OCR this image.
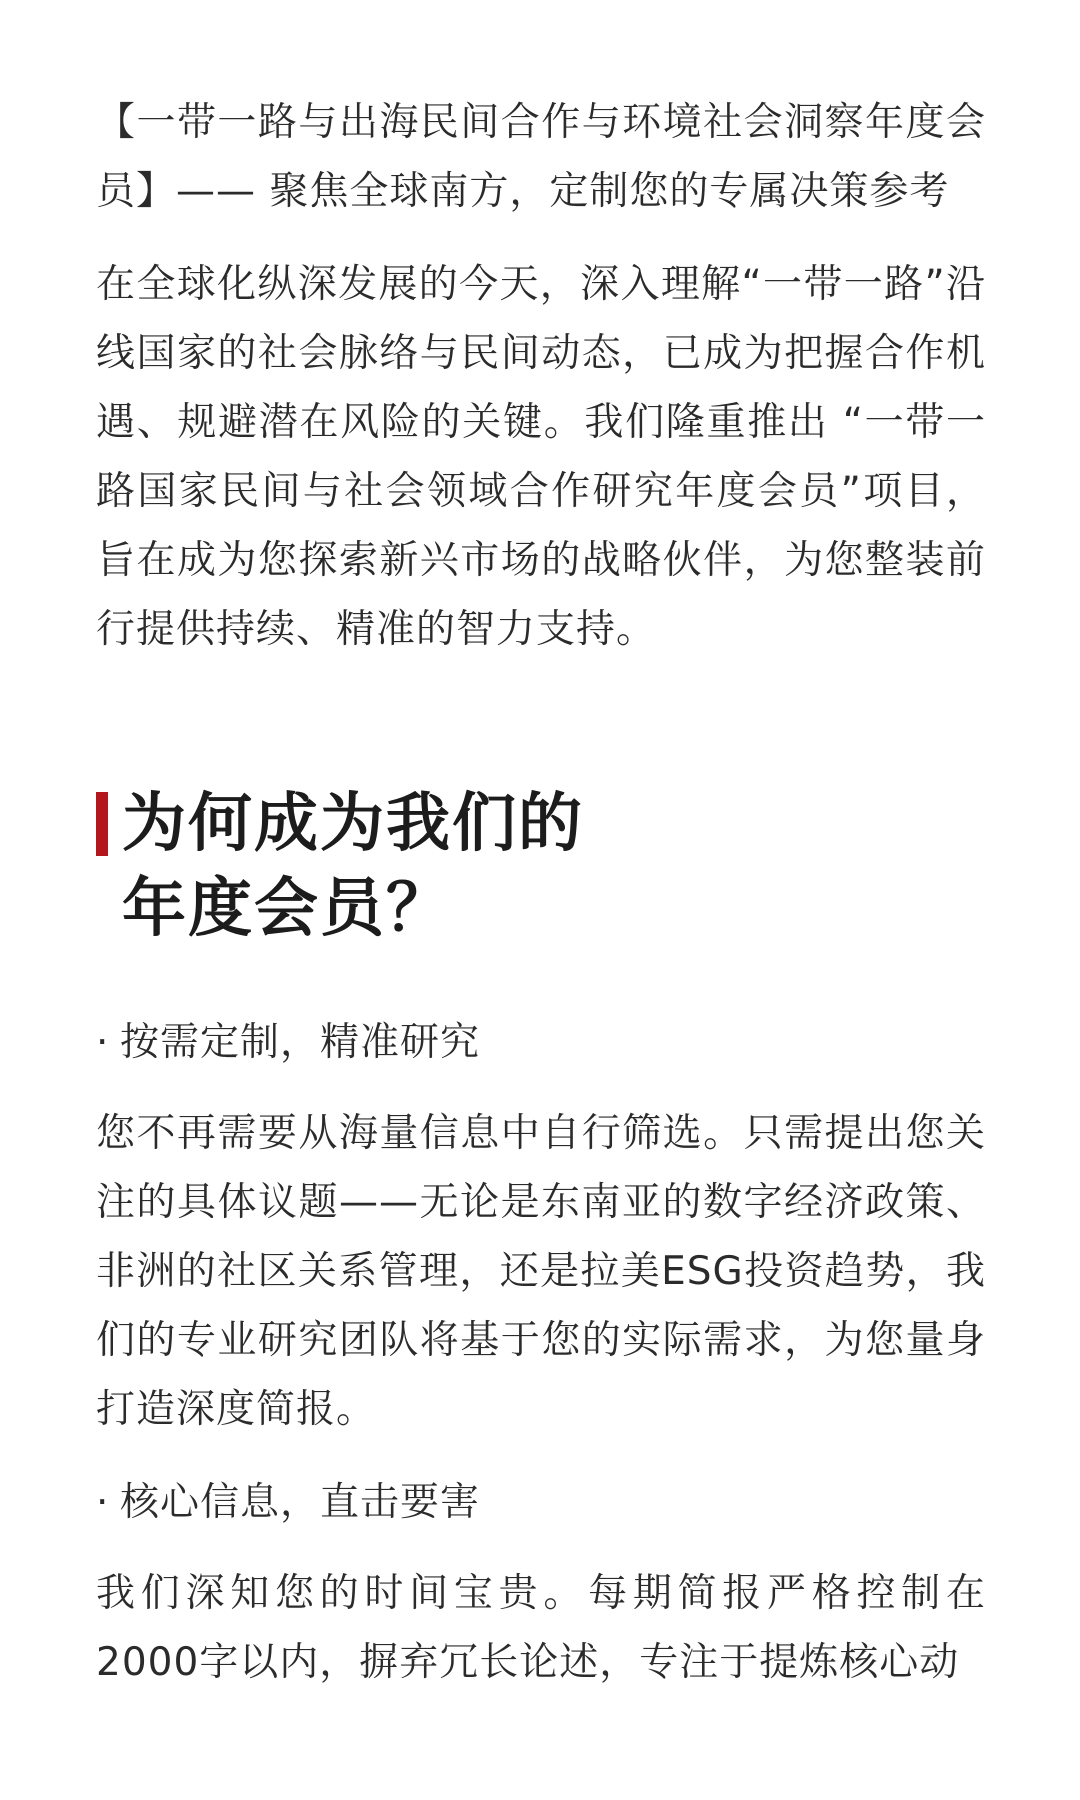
【一带一路与出海民间合作与环境社会洞察年度会员】—— 聚焦全球南方，定制您的专属决策参考

在全球化纵深发展的今天，深入理解“一带一路”沿线国家的社会脉络与民间动态，已成为把握合作机遇、规避潜在风险的关键。我们隆重推出 “一带一路国家民间与社会领域合作研究年度会员”项目，旨在成为您探索新兴市场的战略伙伴，为您整装前行提供持续、精准的智力支持。

为何成为我们的
年度会员？
· 按需定制，精准研究

您不再需要从海量信息中自行筛选。只需提出您关注的具体议题——无论是东南亚的数字经济政策、非洲的社区关系管理，还是拉美ESG投资趋势，我们的专业研究团队将基于您的实际需求，为您量身打造深度简报。

· 核心信息，直击要害

我们深知您的时间宝贵。每期简报严格控制在2000字以内，摒弃冗长论述，专注于提炼核心动
